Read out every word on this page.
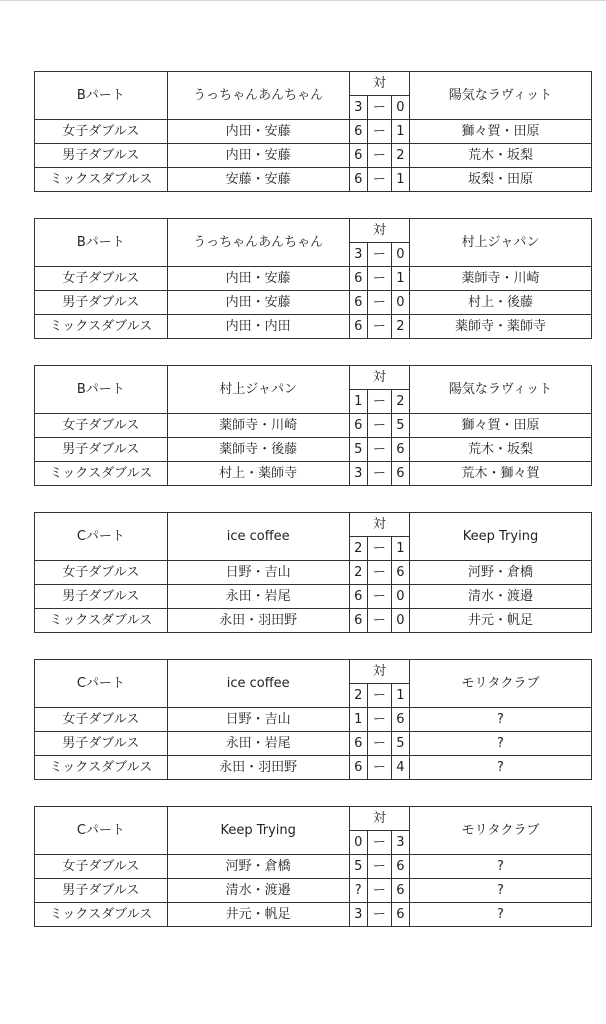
Bパート	うっちゃんあんちゃん	対			陽気なラヴィット
		3	ー	0	
女子ダブルス	内田・安藤	6	ー	1	獅々賀・田原
男子ダブルス	内田・安藤	6	ー	2	荒木・坂梨
ミックスダブルス	安藤・安藤	6	ー	1	坂梨・田原
Bパート	うっちゃんあんちゃん	対			村上ジャパン
		3	ー	0	
女子ダブルス	内田・安藤	6	ー	1	薬師寺・川崎
男子ダブルス	内田・安藤	6	ー	0	村上・後藤
ミックスダブルス	内田・内田	6	ー	2	薬師寺・薬師寺
Bパート	村上ジャパン	対			陽気なラヴィット
		1	ー	2	
女子ダブルス	薬師寺・川崎	6	ー	5	獅々賀・田原
男子ダブルス	薬師寺・後藤	5	ー	6	荒木・坂梨
ミックスダブルス	村上・薬師寺	3	ー	6	荒木・獅々賀
Cパート	ice coffee	対			Keep Trying
		2	ー	1	
女子ダブルス	日野・吉山	2	ー	6	河野・倉橋
男子ダブルス	永田・岩尾	6	ー	0	清水・渡邉
ミックスダブルス	永田・羽田野	6	ー	0	井元・帆足
Cパート	ice coffee	対			モリタクラブ
		2	ー	1	
女子ダブルス	日野・吉山	1	ー	6	?
男子ダブルス	永田・岩尾	6	ー	5	?
ミックスダブルス	永田・羽田野	6	ー	4	?
Cパート	Keep Trying	対			モリタクラブ
		0	ー	3	
女子ダブルス	河野・倉橋	5	ー	6	?
男子ダブルス	清水・渡邉	?	ー	6	?
ミックスダブルス	井元・帆足	3	ー	6	?
